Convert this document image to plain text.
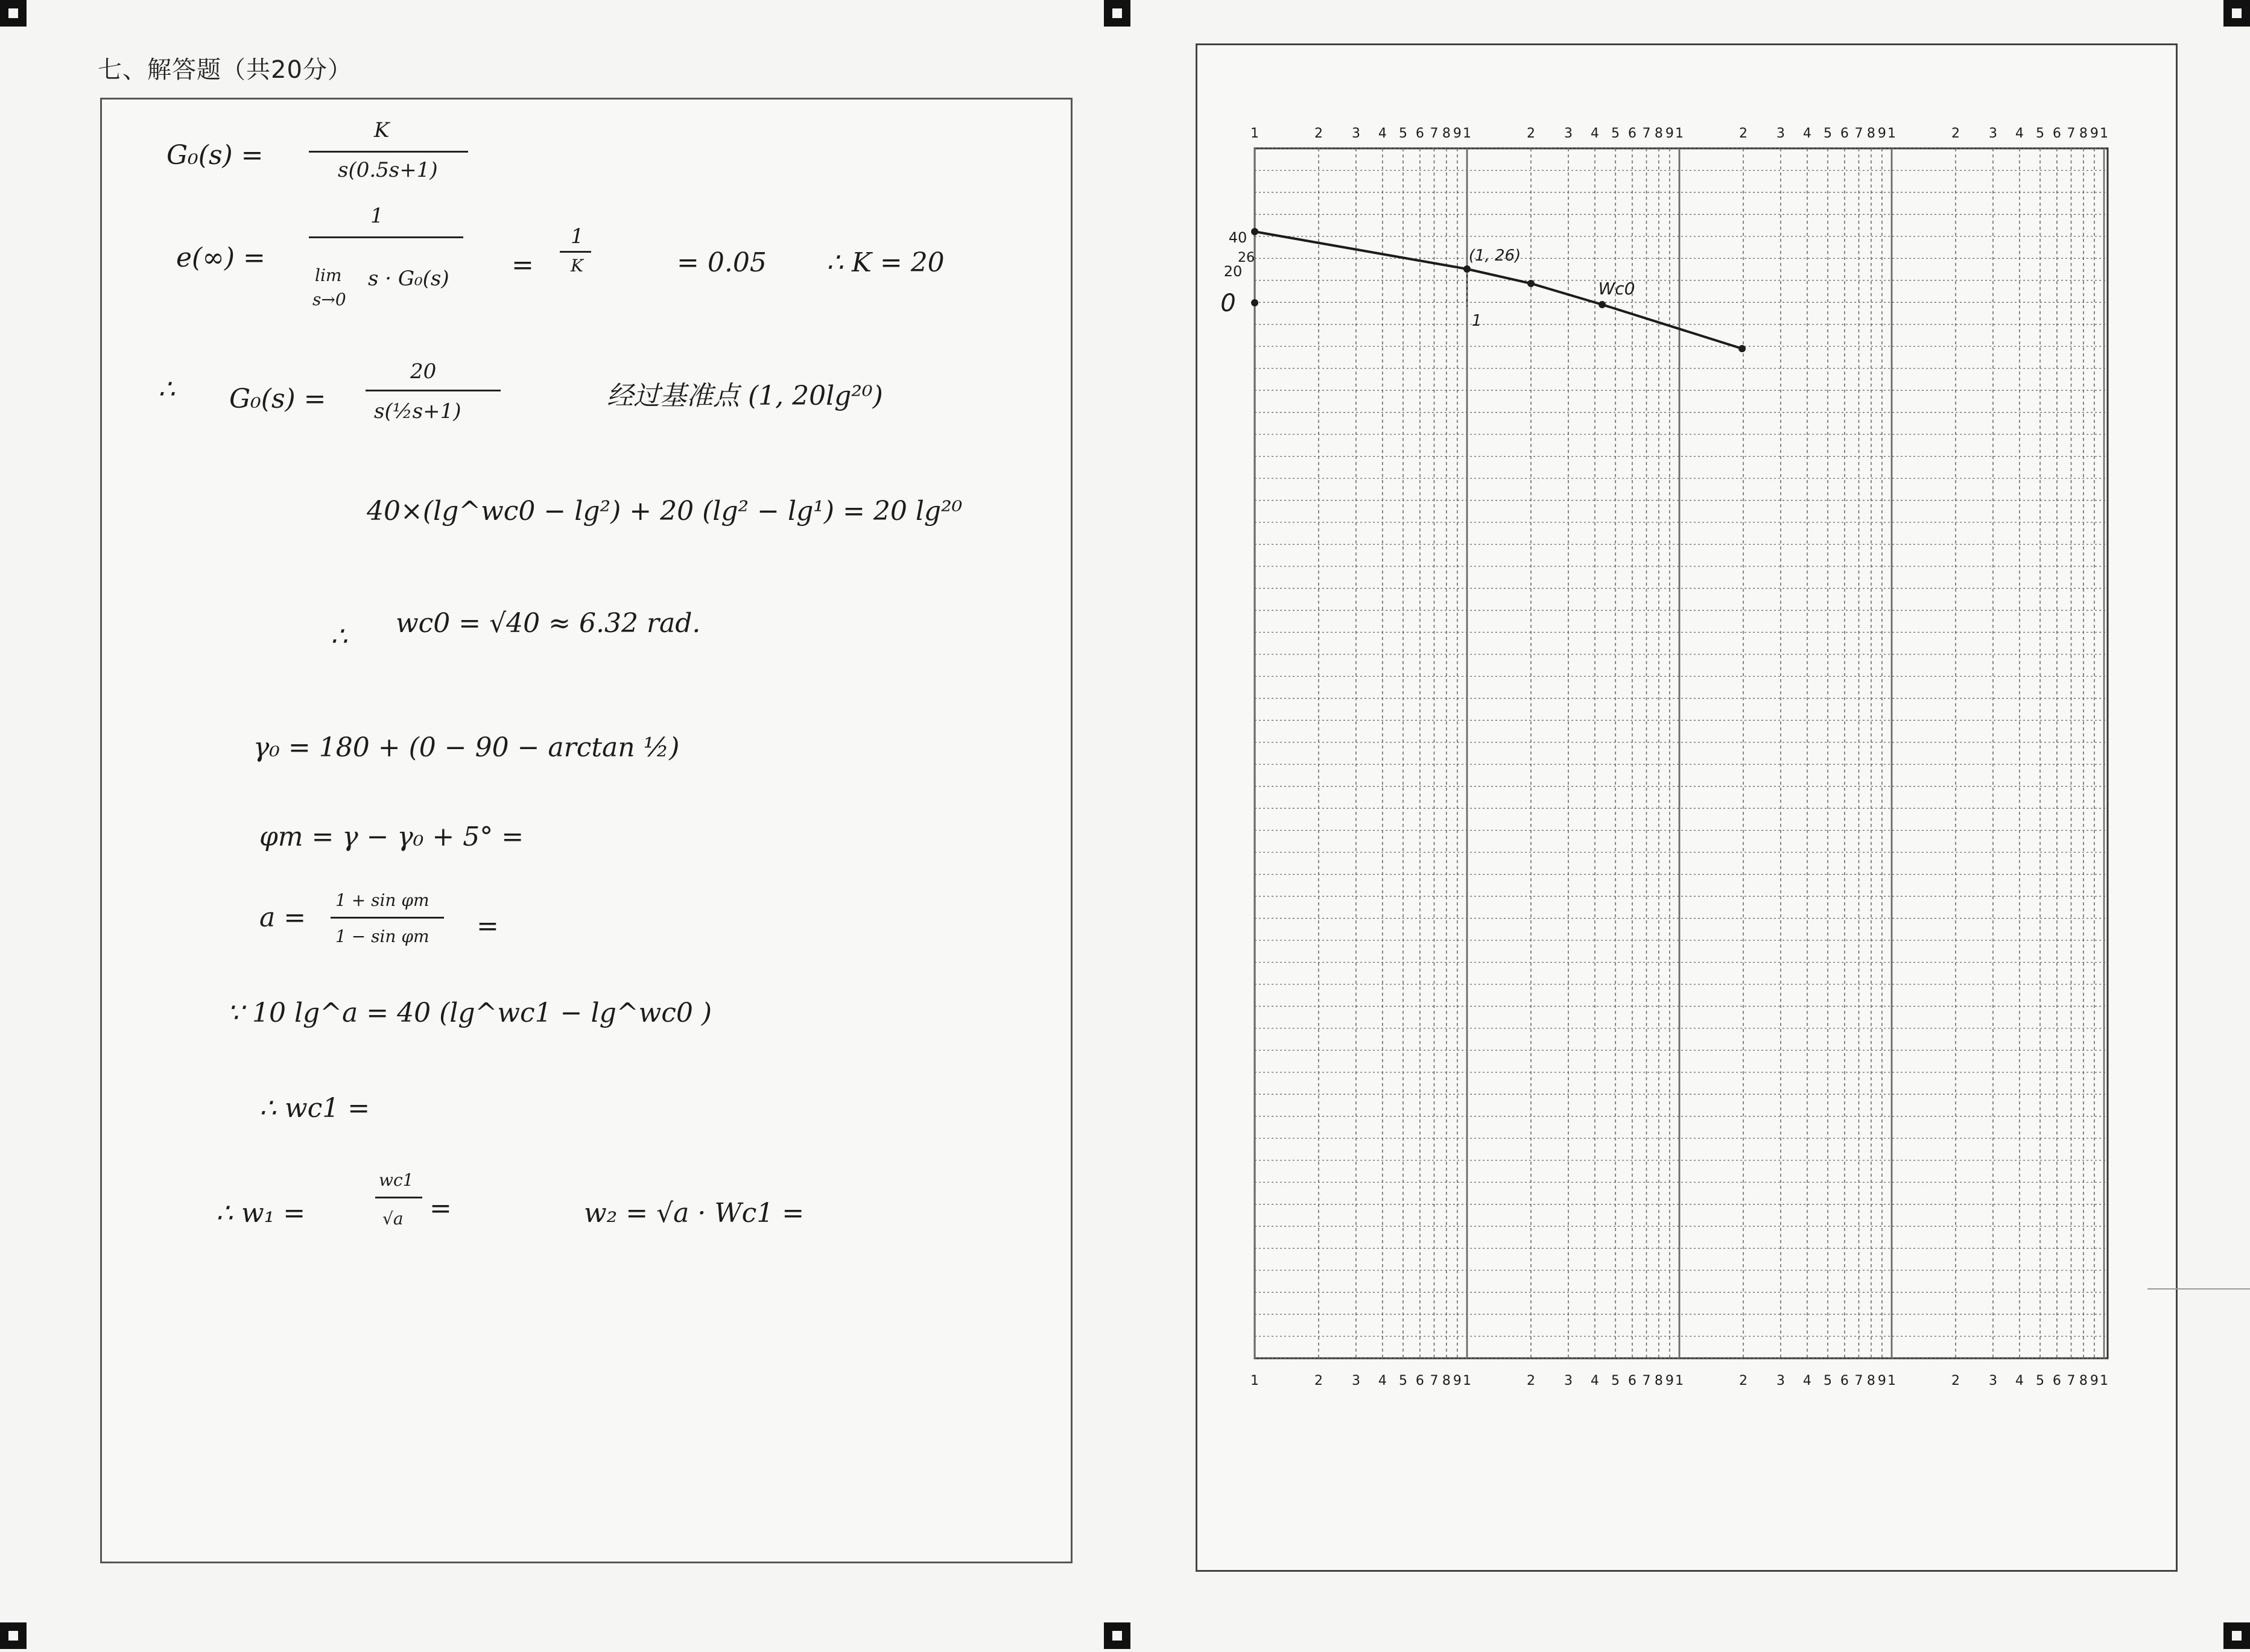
七、解答题（共20分）
G₀(s) =
K
s(0.5s+1)
e(∞) =
1
lim
s→0
s · G₀(s) =
1
K	= 0.05 ∴ K = 20
∴ G₀(s) =
20
s(½s+1)	经过基准点 (1, 20lg²⁰)
40×(lg^wc0 − lg²) + 20 (lg² − lg¹) = 20 lg²⁰
∴ wc0 = √40 ≈ 6.32 rad.
γ₀ = 180 + (0 − 90 − arctan ½)
φm = γ − γ₀ + 5° =
a =
1 + sin φm
1 − sin φm =
∵ 10 lg^a = 40 (lg^wc1 − lg^wc0 )
∴ wc1 =
∴ w₁ =
wc1
√a =	w₂ = √a · Wc1 =
1
1
2
2
3
3
4
4
5
5
6
6
7
7
8
8
9
9
1
1
2
2
3
3
4
4
5
5
6
6
7
7
8
8
9
9
1
1
2
2
3
3
4
4
5
5
6
6
7
7
8
8
9
9
1
1
2
2
3
3
4
4
5
5
6
6
7
7
8
8
9
9
1
1
40
26
20
0
(1, 26)
Wc0
1
